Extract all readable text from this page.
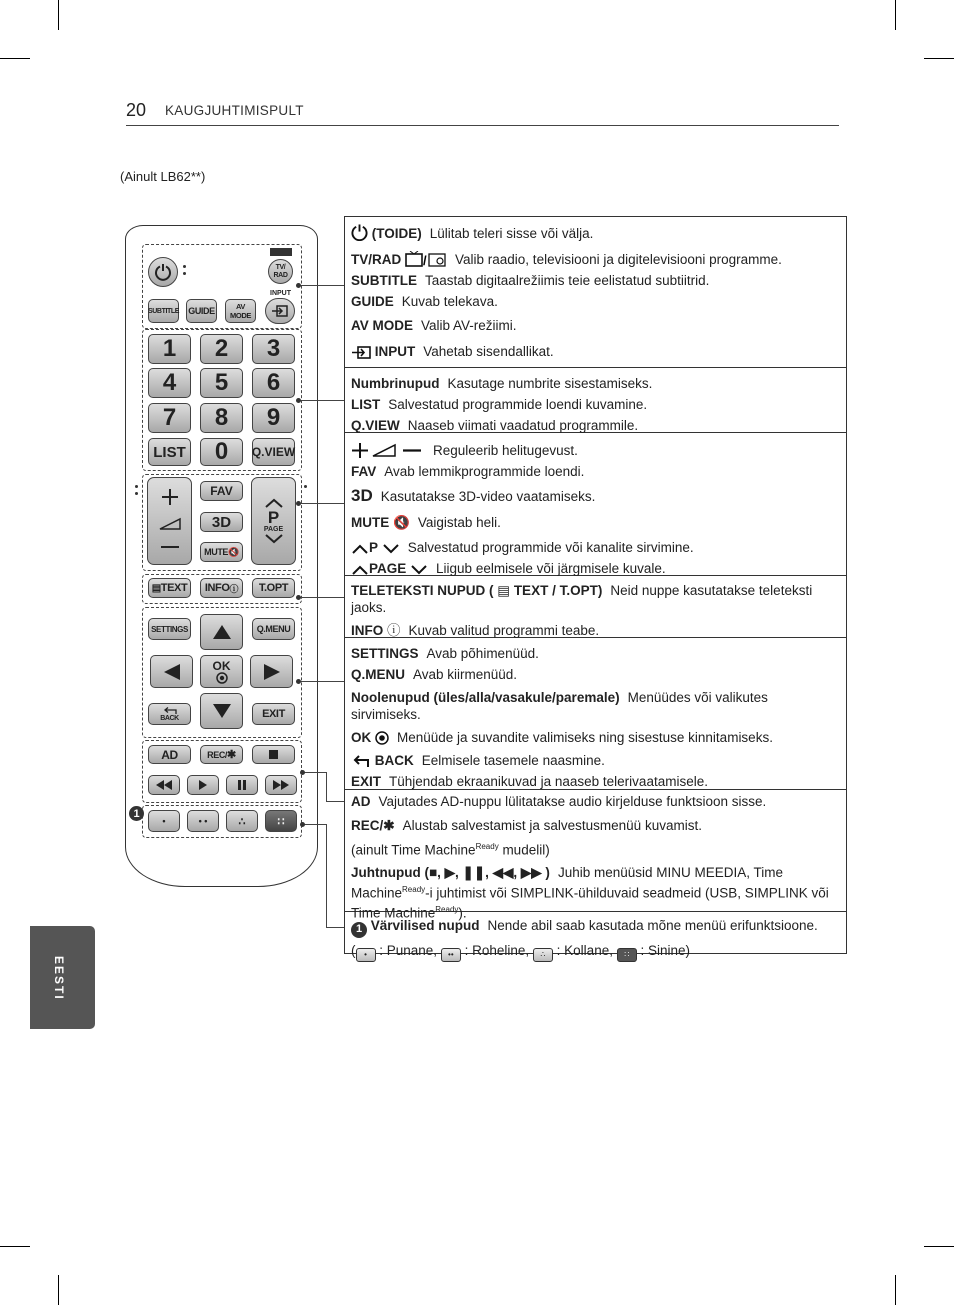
20 KAUGJUHTIMISPULT
(Ainult LB62**)
EESTI
TV/
RAD
INPUT
SUBTITLE GUIDE	AV MODE
1	2	3
4	5	6
7	8	9
LIST	0	Q.VIEW
FAV
3D
MUTE 🔇
P
PAGE
▤ TEXT INFO ⓘ	T.OPT
SETTINGS	Q.MENU
OK
BACK	EXIT
AD	REC/ ✱
1
•	• •	∴	∷
(TOIDE) Lülitab teleri sisse või välja.
TV/RAD / Valib raadio, televisiooni ja digitelevisiooni programme.
SUBTITLE Taastab digitaalrežiimis teie eelistatud subtiitrid.
GUIDE Kuvab telekava.
AV MODE Valib AV-režiimi.
INPUT Vahetab sisendallikat.
Numbrinupud Kasutage numbrite sisestamiseks.
LIST Salvestatud programmide loendi kuvamine.
Q.VIEW Naaseb viimati vaadatud programmile.
Reguleerib helitugevust.
FAV Avab lemmikprogrammide loendi.
3D Kasutatakse 3D-video vaatamiseks.
MUTE 🔇 Vaigistab heli.
P Salvestatud programmide või kanalite sirvimine.
PAGE Liigub eelmisele või järgmisele kuvale.
TELETEKSTI NUPUD ( ▤ TEXT / T.OPT) Neid nuppe kasutatakse teleteksti jaoks.
INFO ⓘ Kuvab valitud programmi teabe.
SETTINGS Avab põhimenüüd.
Q.MENU Avab kiirmenüüd.
Noolenupud (üles/alla/vasakule/paremale) Menüüdes või valikutes sirvimiseks.
OK Menüüde ja suvandite valimiseks ning sisestuse kinnitamiseks.
BACK Eelmisele tasemele naasmine.
EXIT Tühjendab ekraanikuvad ja naaseb telerivaatamisele.
AD Vajutades AD-nuppu lülitatakse audio kirjelduse funktsioon sisse.
REC/✱ Alustab salvestamist ja salvestusmenüü kuvamist.
(ainult Time Machine$^{Ready}$ mudelil)
Juhtnupud (■, ▶, ❚❚, ◀◀, ▶▶ ) Juhib menüüsid MINU MEEDIA, Time Machine$^{Ready}$-i juhtimist või SIMPLINK-ühilduvaid seadmeid (USB, SIMPLINK või Time Machine$^{Ready}$).
1 Värvilised nupud Nende abil saab kasutada mõne menüü erifunktsioone.
( • : Punane, •• : Roheline, ∴ : Kollane, ∷ : Sinine)
